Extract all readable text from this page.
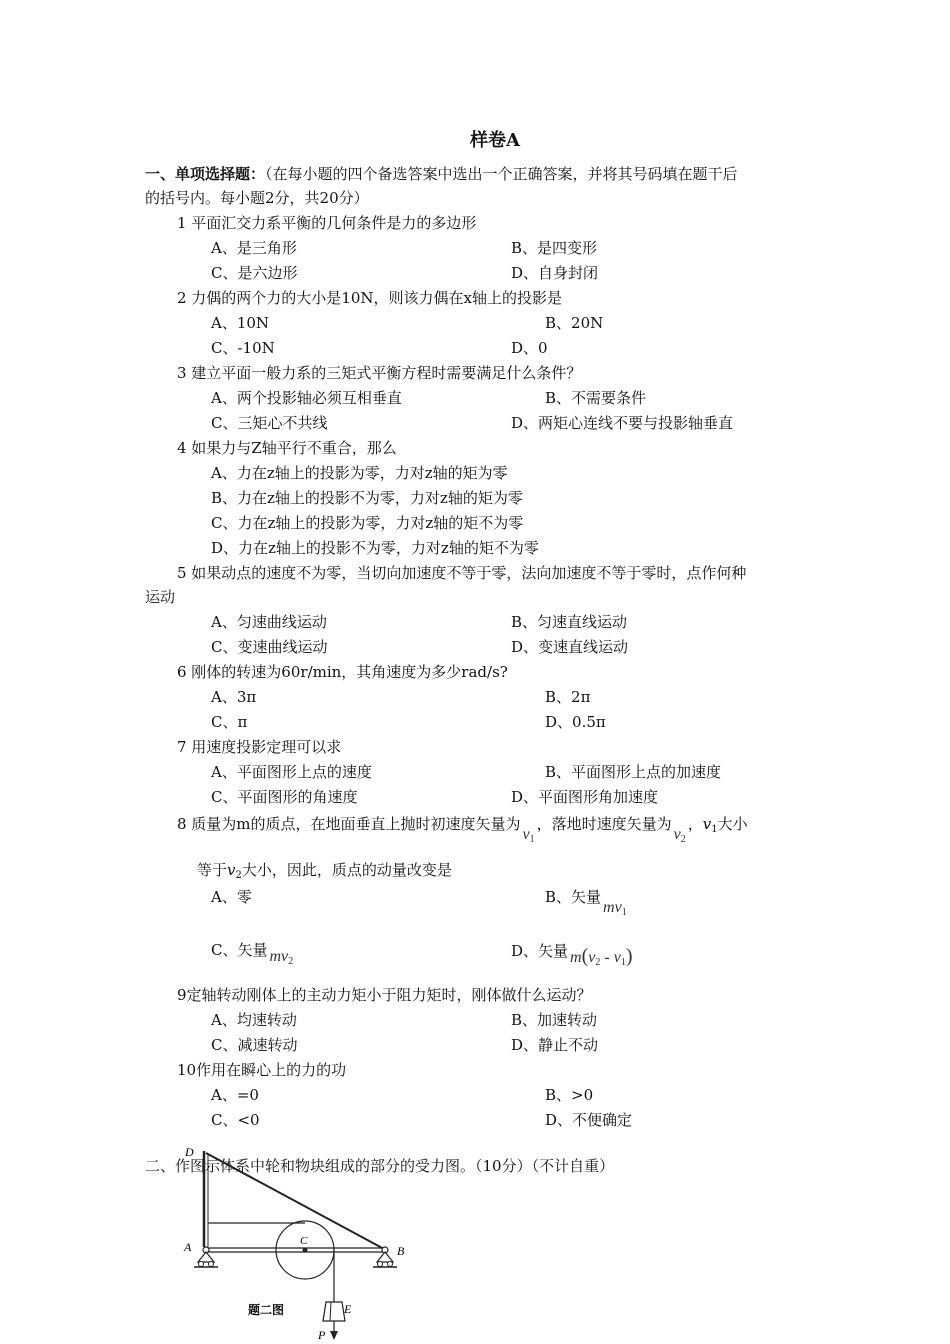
样卷A
一、单项选择题：（在每小题的四个备选答案中选出一个正确答案，并将其号码填在题干后
的括号内。每小题2分，共20分）
1 平面汇交力系平衡的几何条件是力的多边形
A、是三角形	B、是四变形
C、是六边形	D、自身封闭
2 力偶的两个力的大小是10N，则该力偶在x轴上的投影是
A、10N	B、20N
C、-10N	D、0
3 建立平面一般力系的三矩式平衡方程时需要满足什么条件？
A、两个投影轴必须互相垂直	B、不需要条件
C、三矩心不共线	D、两矩心连线不要与投影轴垂直
4 如果力与Z轴平行不重合，那么
A、力在z轴上的投影为零，力对z轴的矩为零
B、力在z轴上的投影不为零，力对z轴的矩为零
C、力在z轴上的投影为零，力对z轴的矩不为零
D、力在z轴上的投影不为零，力对z轴的矩不为零
5 如果动点的速度不为零，当切向加速度不等于零，法向加速度不等于零时，点作何种
运动
A、匀速曲线运动	B、匀速直线运动
C、变速曲线运动	D、变速直线运动
6 刚体的转速为60r/min，其角速度为多少rad/s?
A、3π	B、2π
C、π	D、0.5π
7 用速度投影定理可以求
A、平面图形上点的速度	B、平面图形上点的加速度
C、平面图形的角速度	D、平面图形角加速度
8 质量为m的质点，在地面垂直上抛时初速度矢量为$v_1$，落地时速度矢量为$v_2$，$v_1$大小
等于$v_2$大小，因此，质点的动量改变是
A、零	B、矢量$mv_1$
C、矢量 $mv_2$
D、矢量 $m(v_2 - v_1)$
9定轴转动刚体上的主动力矩小于阻力矩时，刚体做什么运动？
A、均速转动	B、加速转动
C、减速转动	D、静止不动
10作用在瞬心上的力的功
A、=0	B、>0
C、<0	D、不便确定
二、作图示体系中轮和物块组成的部分的受力图。（10分）（不计自重）
D
A	B
C
E
P
题二图
